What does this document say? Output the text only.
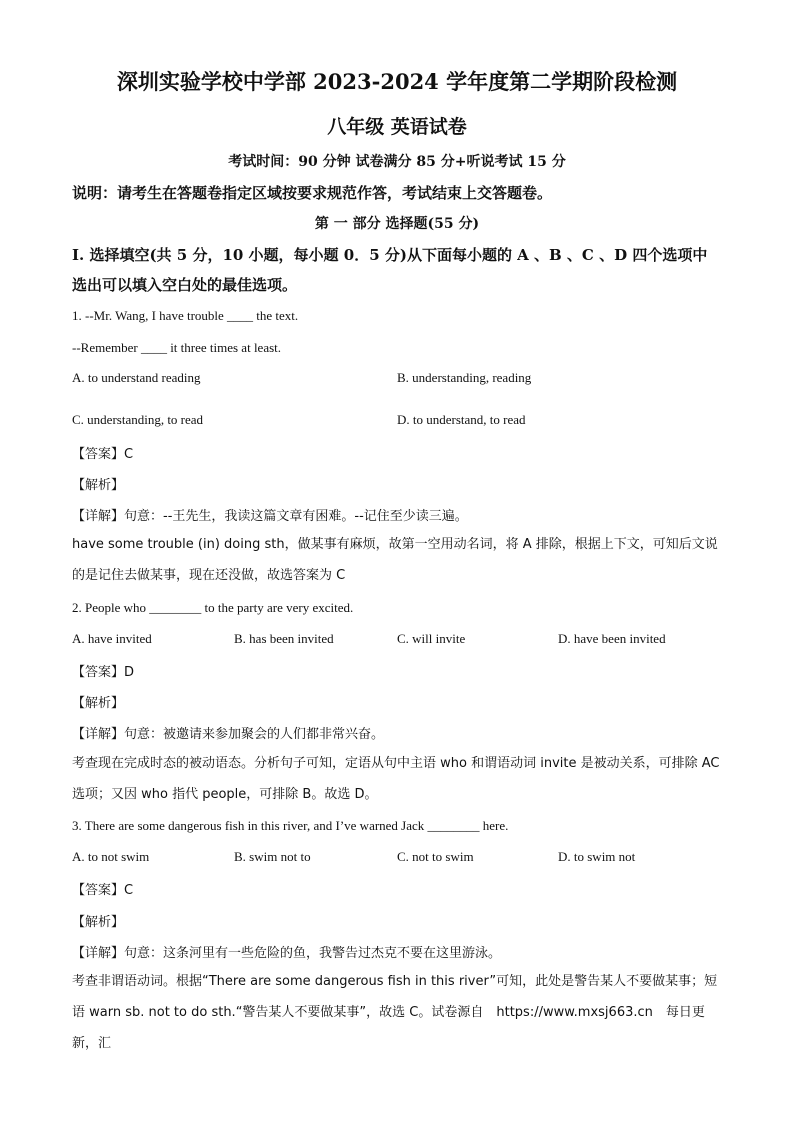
深圳实验学校中学部 2023-2024 学年度第二学期阶段检测
八年级 英语试卷
考试时间：90 分钟 试卷满分 85 分+听说考试 15 分
说明：请考生在答题卷指定区域按要求规范作答，考试结束上交答题卷。
第 一 部分 选择题(55 分)
I. 选择填空(共 5 分，10 小题，每小题 0．5 分)从下面每小题的 A 、B 、C 、D 四个选项中
选出可以填入空白处的最佳选项。
1. --Mr. Wang, I have trouble ____ the text.
--Remember ____ it three times at least.
A. to understand reading	B. understanding, reading
C. understanding, to read	D. to understand, to read
【答案】C
【解析】
【详解】句意：--王先生，我读这篇文章有困难。--记住至少读三遍。
have some trouble (in) doing sth，做某事有麻烦，故第一空用动名词，将 A 排除，根据上下文，可知后文说的是记住去做某事，现在还没做，故选答案为 C
2. People who ________ to the party are very excited.
A. have invited	B. has been invited	C. will invite	D. have been invited
【答案】D
【解析】
【详解】句意：被邀请来参加聚会的人们都非常兴奋。
考查现在完成时态的被动语态。分析句子可知，定语从句中主语 who 和谓语动词 invite 是被动关系，可排除 AC 选项；又因 who 指代 people，可排除 B。故选 D。
3. There are some dangerous fish in this river, and I’ve warned Jack ________ here.
A. to not swim	B. swim not to	C. not to swim	D. to swim not
【答案】C
【解析】
【详解】句意：这条河里有一些危险的鱼，我警告过杰克不要在这里游泳。
考查非谓语动词。根据“There are some dangerous fish in this river”可知，此处是警告某人不要做某事；短语 warn sb. not to do sth.“警告某人不要做某事”，故选 C。试卷源自　https://www.mxsj663.cn　每日更新，汇
